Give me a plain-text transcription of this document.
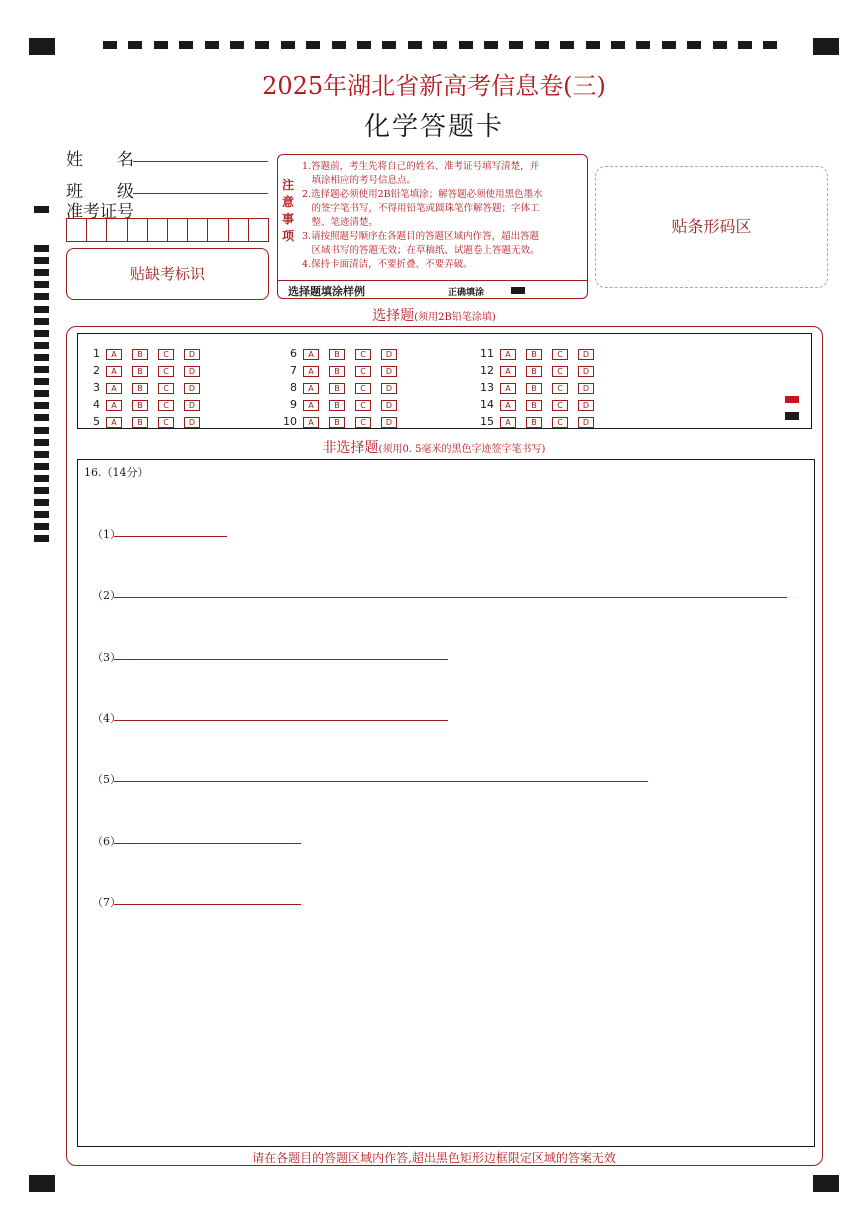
2025年湖北省新高考信息卷(三)
化学答题卡
姓　　名
班　　级
准考证号
贴缺考标识
注意事项
1.答题前，考生先将自己的姓名、准考证号填写清楚，并
　填涂相应的考号信息点。
2.选择题必须使用2B铅笔填涂；解答题必须使用黑色墨水
　的签字笔书写，不得用铅笔或圆珠笔作解答题；字体工
　整、笔迹清楚。
3.请按照题号顺序在各题目的答题区域内作答，超出答题
　区域书写的答题无效；在草稿纸、试题卷上答题无效。
4.保持卡面清洁，不要折叠、不要弄破。
选择题填涂样例	正确填涂
贴条形码区
选择题(须用2B铅笔涂填)
1 A	B	C	D
2 A	B	C	D
3 A	B	C	D
4 A	B	C	D
5 A	B	C	D
6 A	B	C	D
7 A	B	C	D
8 A	B	C	D
9 A	B	C	D
10 A	B	C	D
11 A	B	C	D
12 A	B	C	D
13 A	B	C	D
14 A	B	C	D
15 A	B	C	D
非选择题(须用0. 5毫米的黑色字迹签字笔书写)
16.（14分）
（1）
（2）
（3）
（4）
（5）
（6）
（7）
请在各题目的答题区域内作答,超出黑色矩形边框限定区域的答案无效
